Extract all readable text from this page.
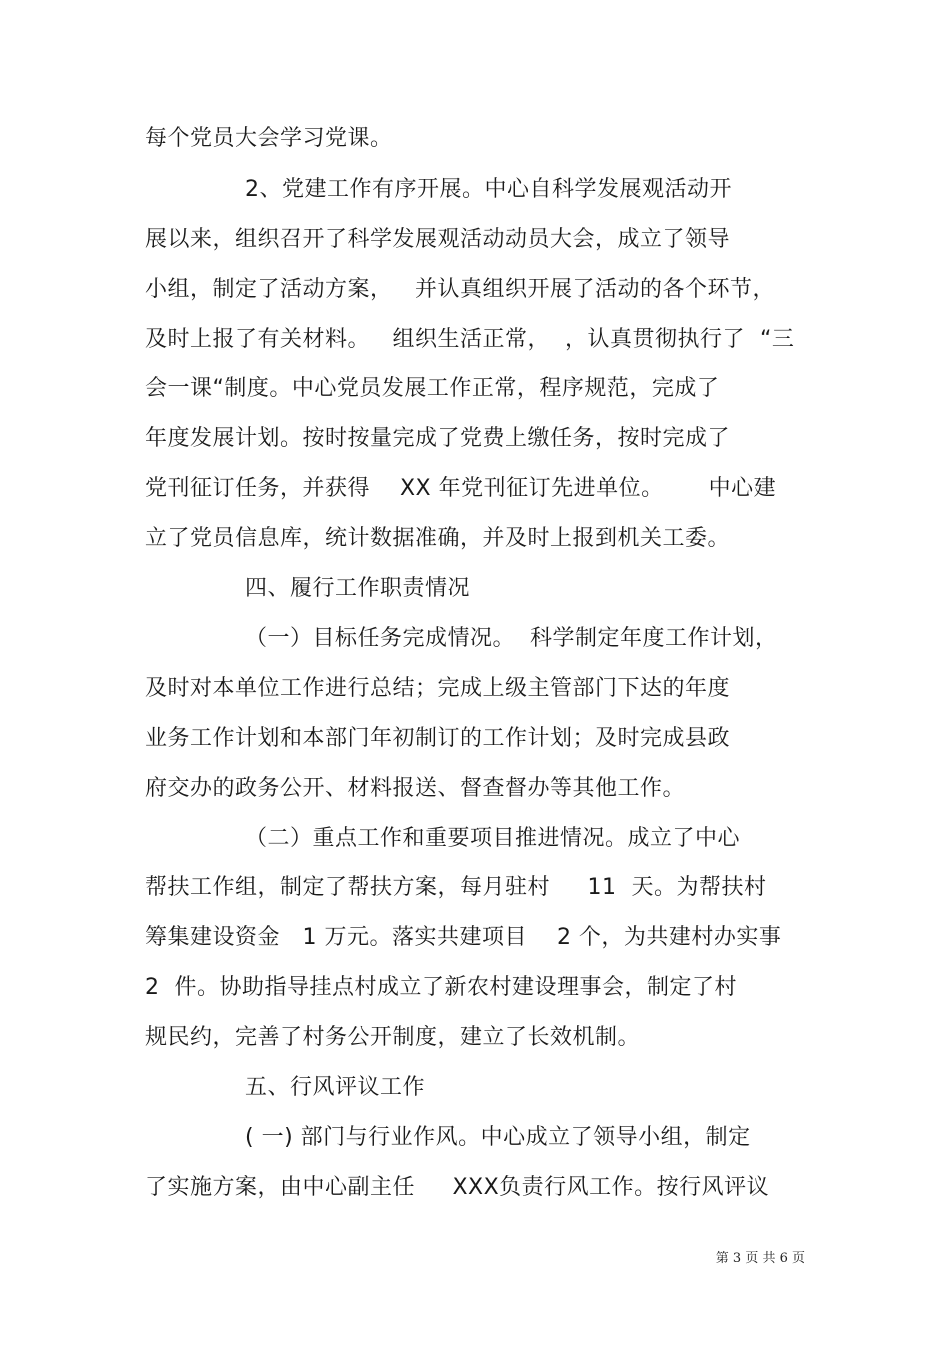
每个党员大会学习党课。
2、党建工作有序开展。中心自科学发展观活动开
展以来，组织召开了科学发展观活动动员大会，成立了领导
小组，制定了活动方案，   并认真组织开展了活动的各个环节，
及时上报了有关材料。   组织生活正常，  ，认真贯彻执行了  “三
会一课“制度。中心党员发展工作正常，程序规范，完成了
年度发展计划。按时按量完成了党费上缴任务，按时完成了
党刊征订任务，并获得    XX 年党刊征订先进单位。      中心建
立了党员信息库，统计数据准确，并及时上报到机关工委。
四、履行工作职责情况
（一）目标任务完成情况。  科学制定年度工作计划，
及时对本单位工作进行总结；完成上级主管部门下达的年度
业务工作计划和本部门年初制订的工作计划；及时完成县政
府交办的政务公开、材料报送、督查督办等其他工作。
（二）重点工作和重要项目推进情况。成立了中心
帮扶工作组，制定了帮扶方案，每月驻村     11  天。为帮扶村
筹集建设资金   1 万元。落实共建项目    2 个，为共建村办实事
2  件。协助指导挂点村成立了新农村建设理事会，制定了村
规民约，完善了村务公开制度，建立了长效机制。
五、行风评议工作
( 一) 部门与行业作风。中心成立了领导小组，制定
了实施方案，由中心副主任     XXX负责行风工作。按行风评议
第 3 页 共 6 页
